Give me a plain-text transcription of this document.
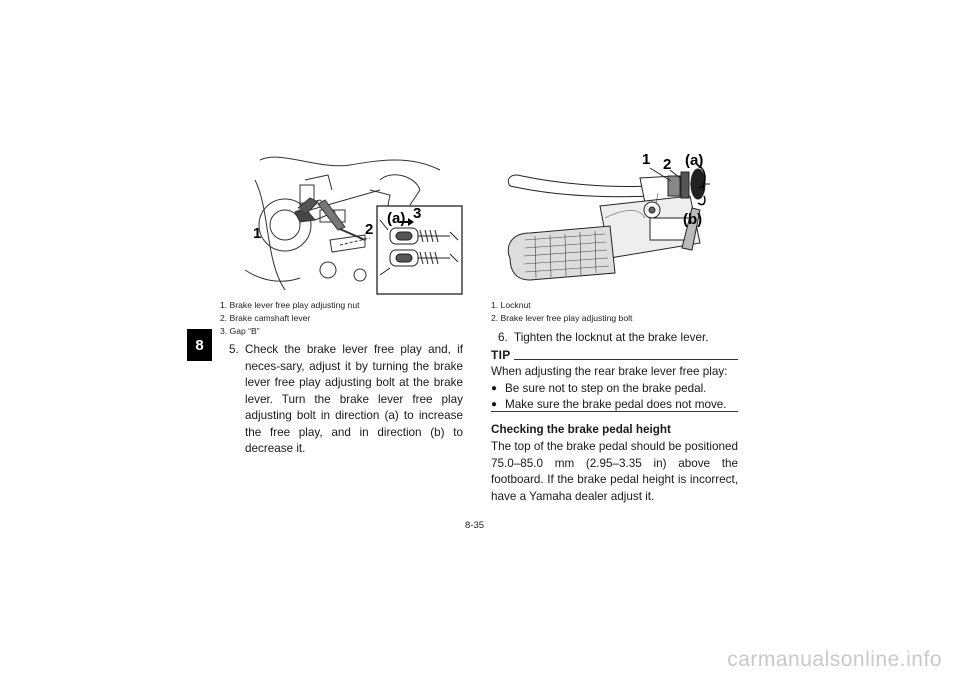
8
(a) 3
2
1
1. Brake lever free play adjusting nut
2. Brake camshaft lever
3. Gap “B”
1 2 (a)
(b)
1. Locknut
2. Brake lever free play adjusting bolt
5. Check the brake lever free play and, if neces-sary, adjust it by turning the brake lever free play adjusting bolt at the brake lever. Turn the brake lever free play adjusting bolt in direction (a) to increase the free play, and in direction (b) to decrease it.
6. Tighten the locknut at the brake lever.
TIP
When adjusting the rear brake lever free play:
● Be sure not to step on the brake pedal.
● Make sure the brake pedal does not move.
Checking the brake pedal height
The top of the brake pedal should be positioned 75.0–85.0 mm (2.95–3.35 in) above the footboard. If the brake pedal height is incorrect, have a Yamaha dealer adjust it.
8-35
carmanualsonline.info
